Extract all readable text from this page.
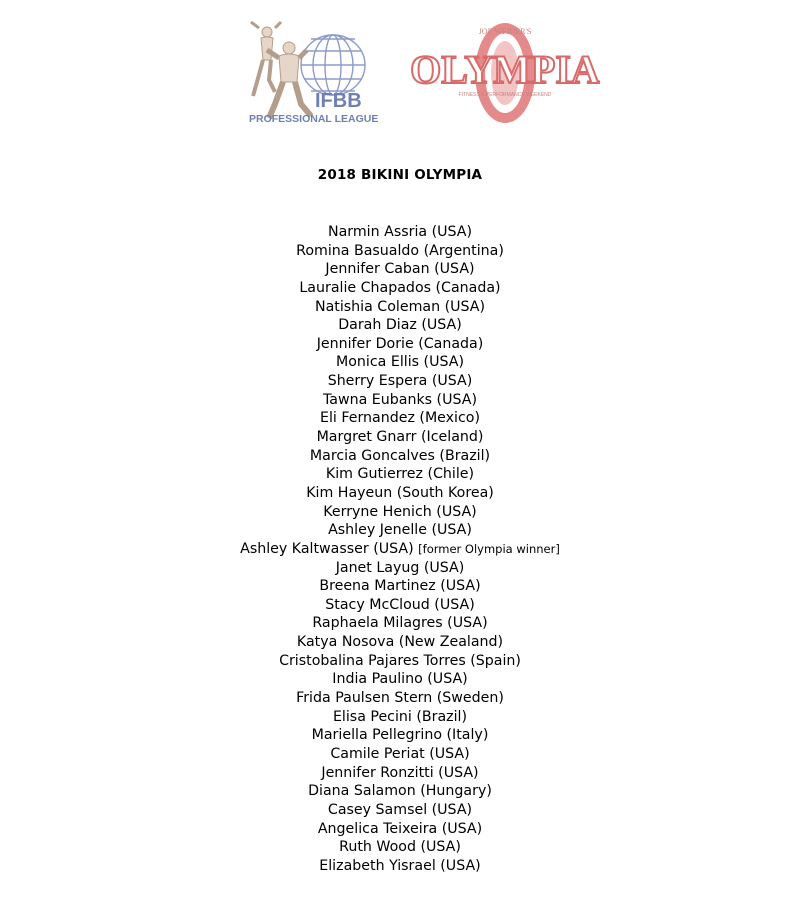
IFBB
PROFESSIONAL LEAGUE
JOE WEIDER'S
OLYMPIA
FITNESS & PERFORMANCE WEEKEND
2018 BIKINI OLYMPIA
Narmin Assria (USA)
Romina Basualdo (Argentina)
Jennifer Caban (USA)
Lauralie Chapados (Canada)
Natishia Coleman (USA)
Darah Diaz (USA)
Jennifer Dorie (Canada)
Monica Ellis (USA)
Sherry Espera (USA)
Tawna Eubanks (USA)
Eli Fernandez (Mexico)
Margret Gnarr (Iceland)
Marcia Goncalves (Brazil)
Kim Gutierrez (Chile)
Kim Hayeun (South Korea)
Kerryne Henich (USA)
Ashley Jenelle (USA)
Ashley Kaltwasser (USA) [former Olympia winner]
Janet Layug (USA)
Breena Martinez (USA)
Stacy McCloud (USA)
Raphaela Milagres (USA)
Katya Nosova (New Zealand)
Cristobalina Pajares Torres (Spain)
India Paulino (USA)
Frida Paulsen Stern (Sweden)
Elisa Pecini (Brazil)
Mariella Pellegrino (Italy)
Camile Periat (USA)
Jennifer Ronzitti (USA)
Diana Salamon (Hungary)
Casey Samsel (USA)
Angelica Teixeira (USA)
Ruth Wood (USA)
Elizabeth Yisrael (USA)
